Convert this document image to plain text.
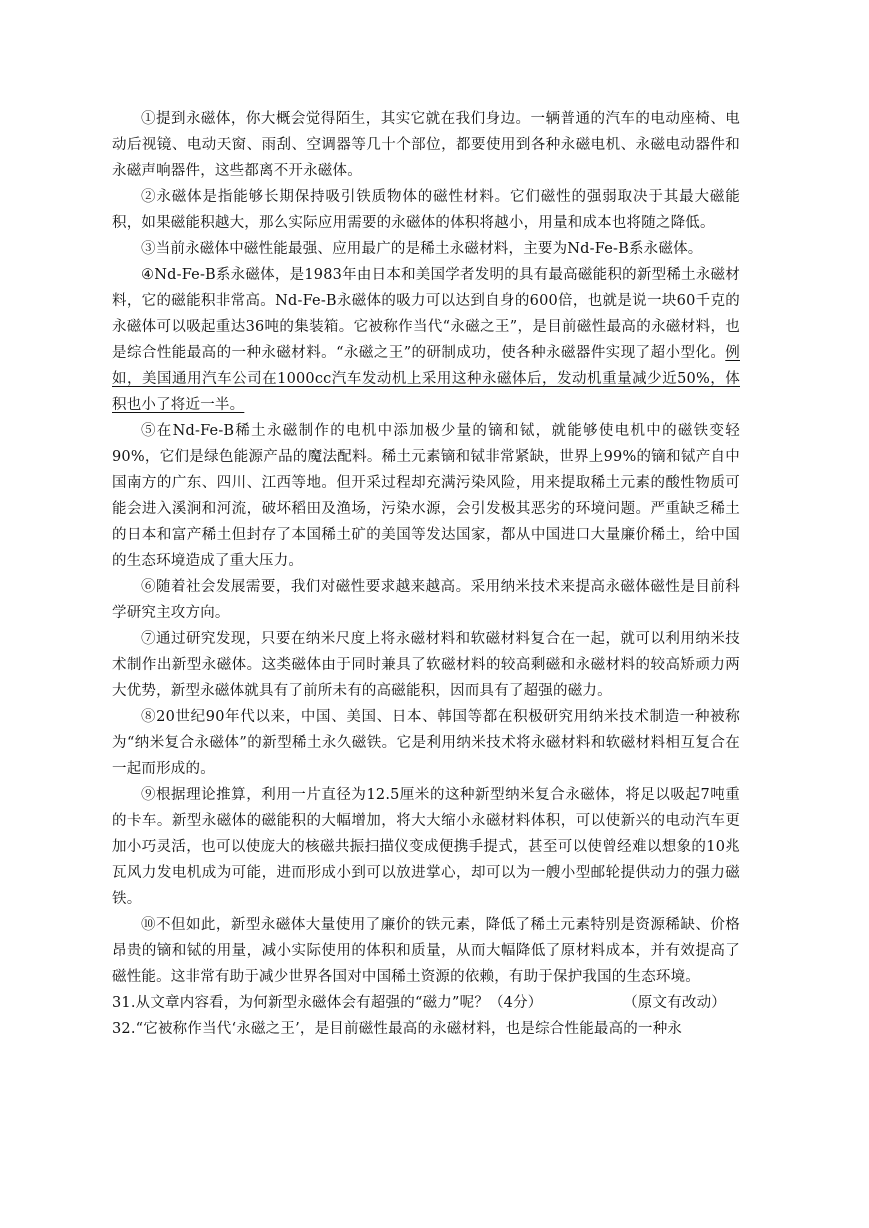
①提到永磁体，你大概会觉得陌生，其实它就在我们身边。一辆普通的汽车的电动座椅、电动后视镜、电动天窗、雨刮、空调器等几十个部位，都要使用到各种永磁电机、永磁电动器件和永磁声响器件，这些都离不开永磁体。

②永磁体是指能够长期保持吸引铁质物体的磁性材料。它们磁性的强弱取决于其最大磁能积，如果磁能积越大，那么实际应用需要的永磁体的体积将越小，用量和成本也将随之降低。

③当前永磁体中磁性能最强、应用最广的是稀土永磁材料，主要为Nd-Fe-B系永磁体。

④Nd-Fe-B系永磁体，是1983年由日本和美国学者发明的具有最高磁能积的新型稀土永磁材料，它的磁能积非常高。Nd-Fe-B永磁体的吸力可以达到自身的600倍，也就是说一块60千克的永磁体可以吸起重达36吨的集装箱。它被称作当代“永磁之王”，是目前磁性最高的永磁材料，也是综合性能最高的一种永磁材料。“永磁之王”的研制成功，使各种永磁器件实现了超小型化。例如，美国通用汽车公司在1000cc汽车发动机上采用这种永磁体后，发动机重量减少近50%，体积也小了将近一半。

⑤在Nd-Fe-B稀土永磁制作的电机中添加极少量的镝和铽，就能够使电机中的磁铁变轻90%，它们是绿色能源产品的魔法配料。稀土元素镝和铽非常紧缺，世界上99%的镝和铽产自中国南方的广东、四川、江西等地。但开采过程却充满污染风险，用来提取稀土元素的酸性物质可能会进入溪涧和河流，破坏稻田及渔场，污染水源，会引发极其恶劣的环境问题。严重缺乏稀土的日本和富产稀土但封存了本国稀土矿的美国等发达国家，都从中国进口大量廉价稀土，给中国的生态环境造成了重大压力。

⑥随着社会发展需要，我们对磁性要求越来越高。采用纳米技术来提高永磁体磁性是目前科学研究主攻方向。

⑦通过研究发现，只要在纳米尺度上将永磁材料和软磁材料复合在一起，就可以利用纳米技术制作出新型永磁体。这类磁体由于同时兼具了软磁材料的较高剩磁和永磁材料的较高矫顽力两大优势，新型永磁体就具有了前所未有的高磁能积，因而具有了超强的磁力。

⑧20世纪90年代以来，中国、美国、日本、韩国等都在积极研究用纳米技术制造一种被称为“纳米复合永磁体”的新型稀土永久磁铁。它是利用纳米技术将永磁材料和软磁材料相互复合在一起而形成的。

⑨根据理论推算，利用一片直径为12.5厘米的这种新型纳米复合永磁体，将足以吸起7吨重的卡车。新型永磁体的磁能积的大幅增加，将大大缩小永磁材料体积，可以使新兴的电动汽车更加小巧灵活，也可以使庞大的核磁共振扫描仪变成便携手提式，甚至可以使曾经难以想象的10兆瓦风力发电机成为可能，进而形成小到可以放进掌心，却可以为一艘小型邮轮提供动力的强力磁铁。

⑩不但如此，新型永磁体大量使用了廉价的铁元素，降低了稀土元素特别是资源稀缺、价格昂贵的镝和铽的用量，减小实际使用的体积和质量，从而大幅降低了原材料成本，并有效提高了磁性能。这非常有助于减少世界各国对中国稀土资源的依赖，有助于保护我国的生态环境。
（原文有改动）

31.从文章内容看，为何新型永磁体会有超强的“磁力”呢？（4分）

32.“它被称作当代‘永磁之王’，是目前磁性最高的永磁材料，也是综合性能最高的一种永
